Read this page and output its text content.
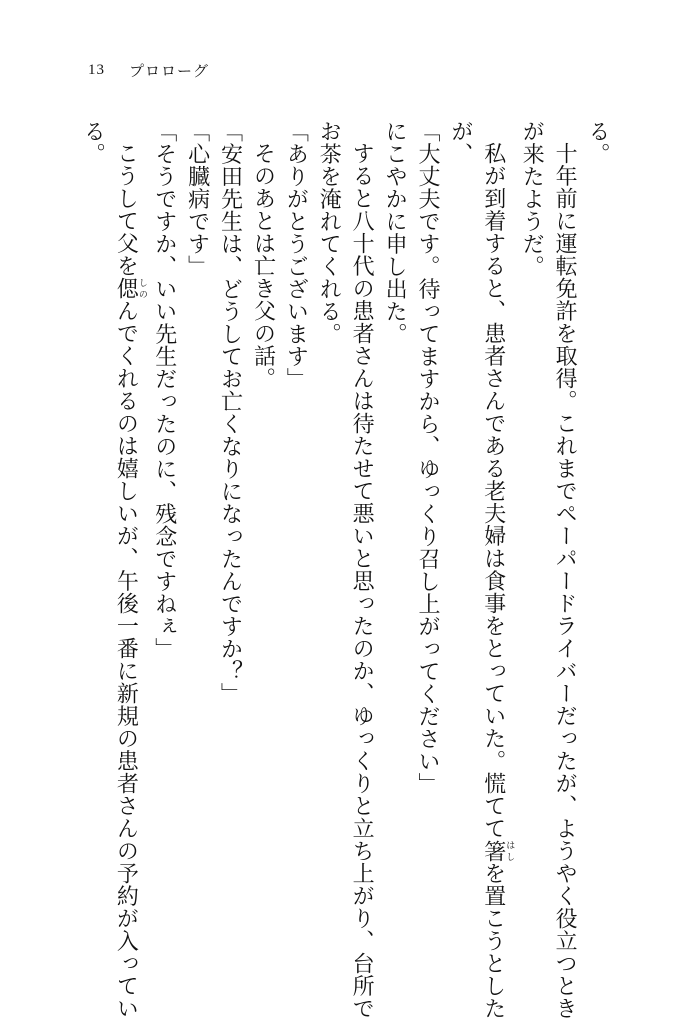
13 プロローグ
る。
十年前に運転免許を取得。これまでペーパードライバーだったが、ようやく役立つとき
が来たようだ。
私が到着すると、患者さんである老夫婦は食事をとっていた。慌てて箸はしを置こうとした
が、
「大丈夫です。待ってますから、ゆっくり召し上がってください」
にこやかに申し出た。
すると八十代の患者さんは待たせて悪いと思ったのか、ゆっくりと立ち上がり、台所で
お茶を淹れてくれる。
「ありがとうございます」
そのあとは亡き父の話。
「安田先生は、どうしてお亡くなりになったんですか？」
「心臓病です」
「そうですか、いい先生だったのに、残念ですねぇ」
こうして父を偲しのんでくれるのは嬉しいが、午後一番に新規の患者さんの予約が入ってい
る。
